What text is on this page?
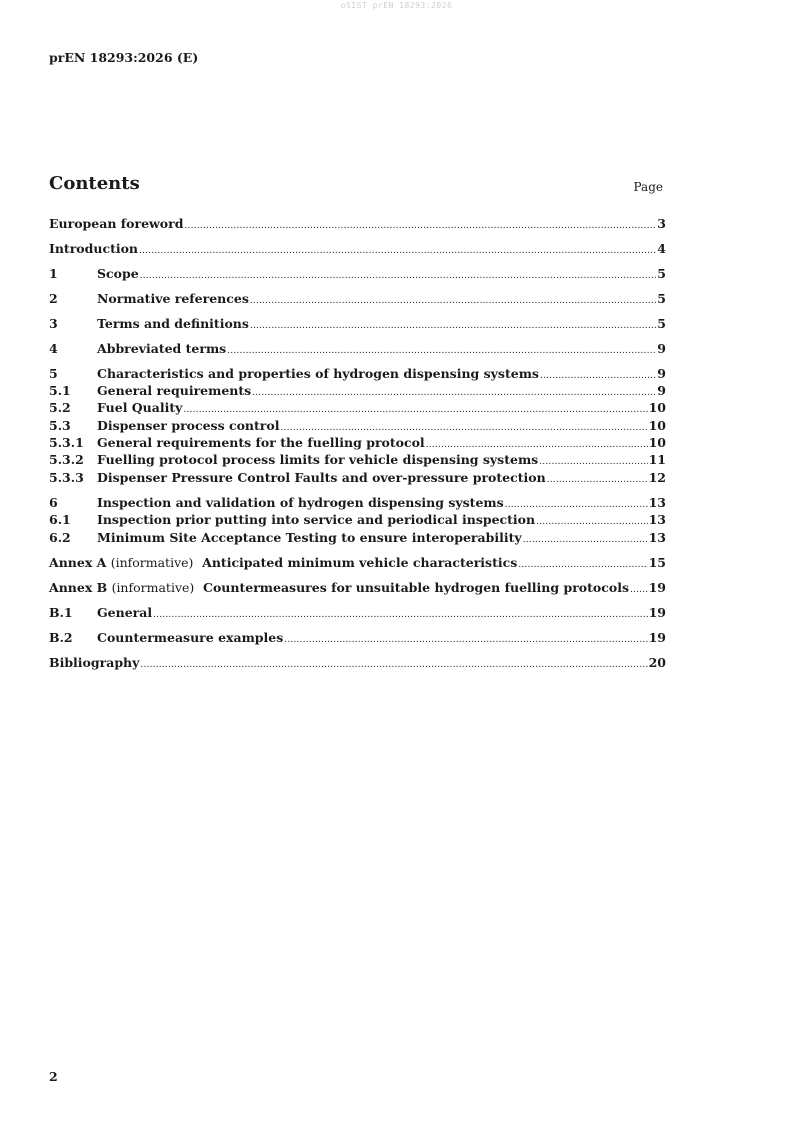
oSIST prEN 18293:2026
prEN 18293:2026 (E)
Contents	Page
European foreword .....	3
Introduction .....	4
1	Scope .....	5
2	Normative references .....	5
3	Terms and definitions .....	5
4	Abbreviated terms .....	9
5	Characteristics and properties of hydrogen dispensing systems .....	9
5.1	General requirements .....	9
5.2	Fuel Quality .....	10
5.3	Dispenser process control .....	10
5.3.1	General requirements for the fuelling protocol .....	10
5.3.2	Fuelling protocol process limits for vehicle dispensing systems .....	11
5.3.3	Dispenser Pressure Control Faults and over-pressure protection .....	12
6	Inspection and validation of hydrogen dispensing systems .....	13
6.1	Inspection prior putting into service and periodical inspection .....	13
6.2	Minimum Site Acceptance Testing to ensure interoperability .....	13
Annex A (informative) Anticipated minimum vehicle characteristics .....	15
Annex B (informative) Countermeasures for unsuitable hydrogen fuelling protocols ..... 19
B.1	General .....	19
B.2	Countermeasure examples .....	19
Bibliography .....	20
2
